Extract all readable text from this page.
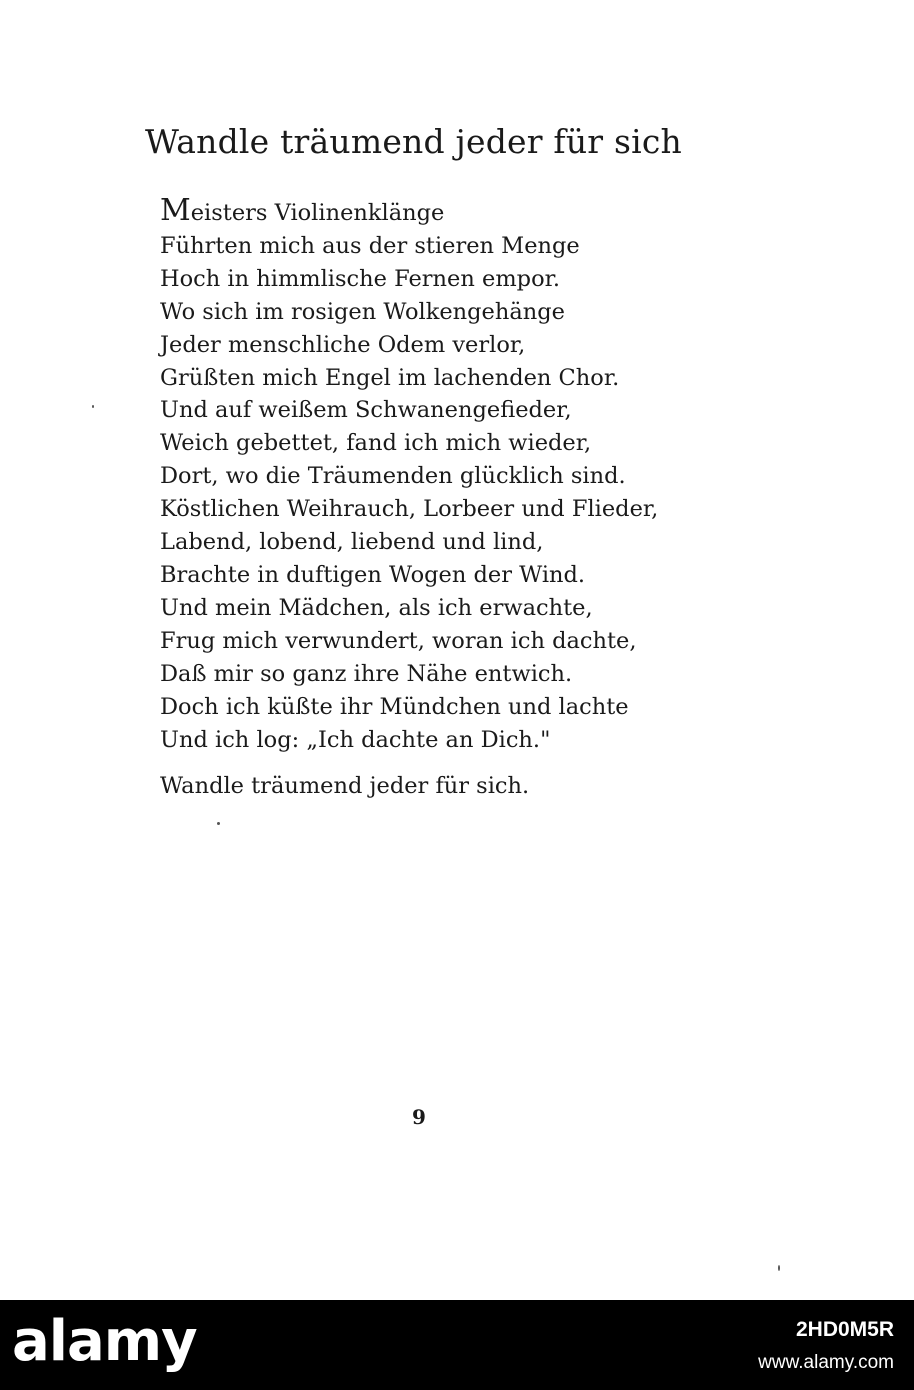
Wandle träumend jeder für sich
Meisters Violinenklänge
Führten mich aus der stieren Menge
Hoch in himmlische Fernen empor.
Wo sich im rosigen Wolkengehänge
Jeder menschliche Odem verlor,
Grüßten mich Engel im lachenden Chor.
Und auf weißem Schwanengefieder,
Weich gebettet, fand ich mich wieder,
Dort, wo die Träumenden glücklich sind.
Köstlichen Weihrauch, Lorbeer und Flieder,
Labend, lobend, liebend und lind,
Brachte in duftigen Wogen der Wind.
Und mein Mädchen, als ich erwachte,
Frug mich verwundert, woran ich dachte,
Daß mir so ganz ihre Nähe entwich.
Doch ich küßte ihr Mündchen und lachte
Und ich log: „Ich dachte an Dich."

Wandle träumend jeder für sich.

9

alamy	2HD0M5R
www.alamy.com
